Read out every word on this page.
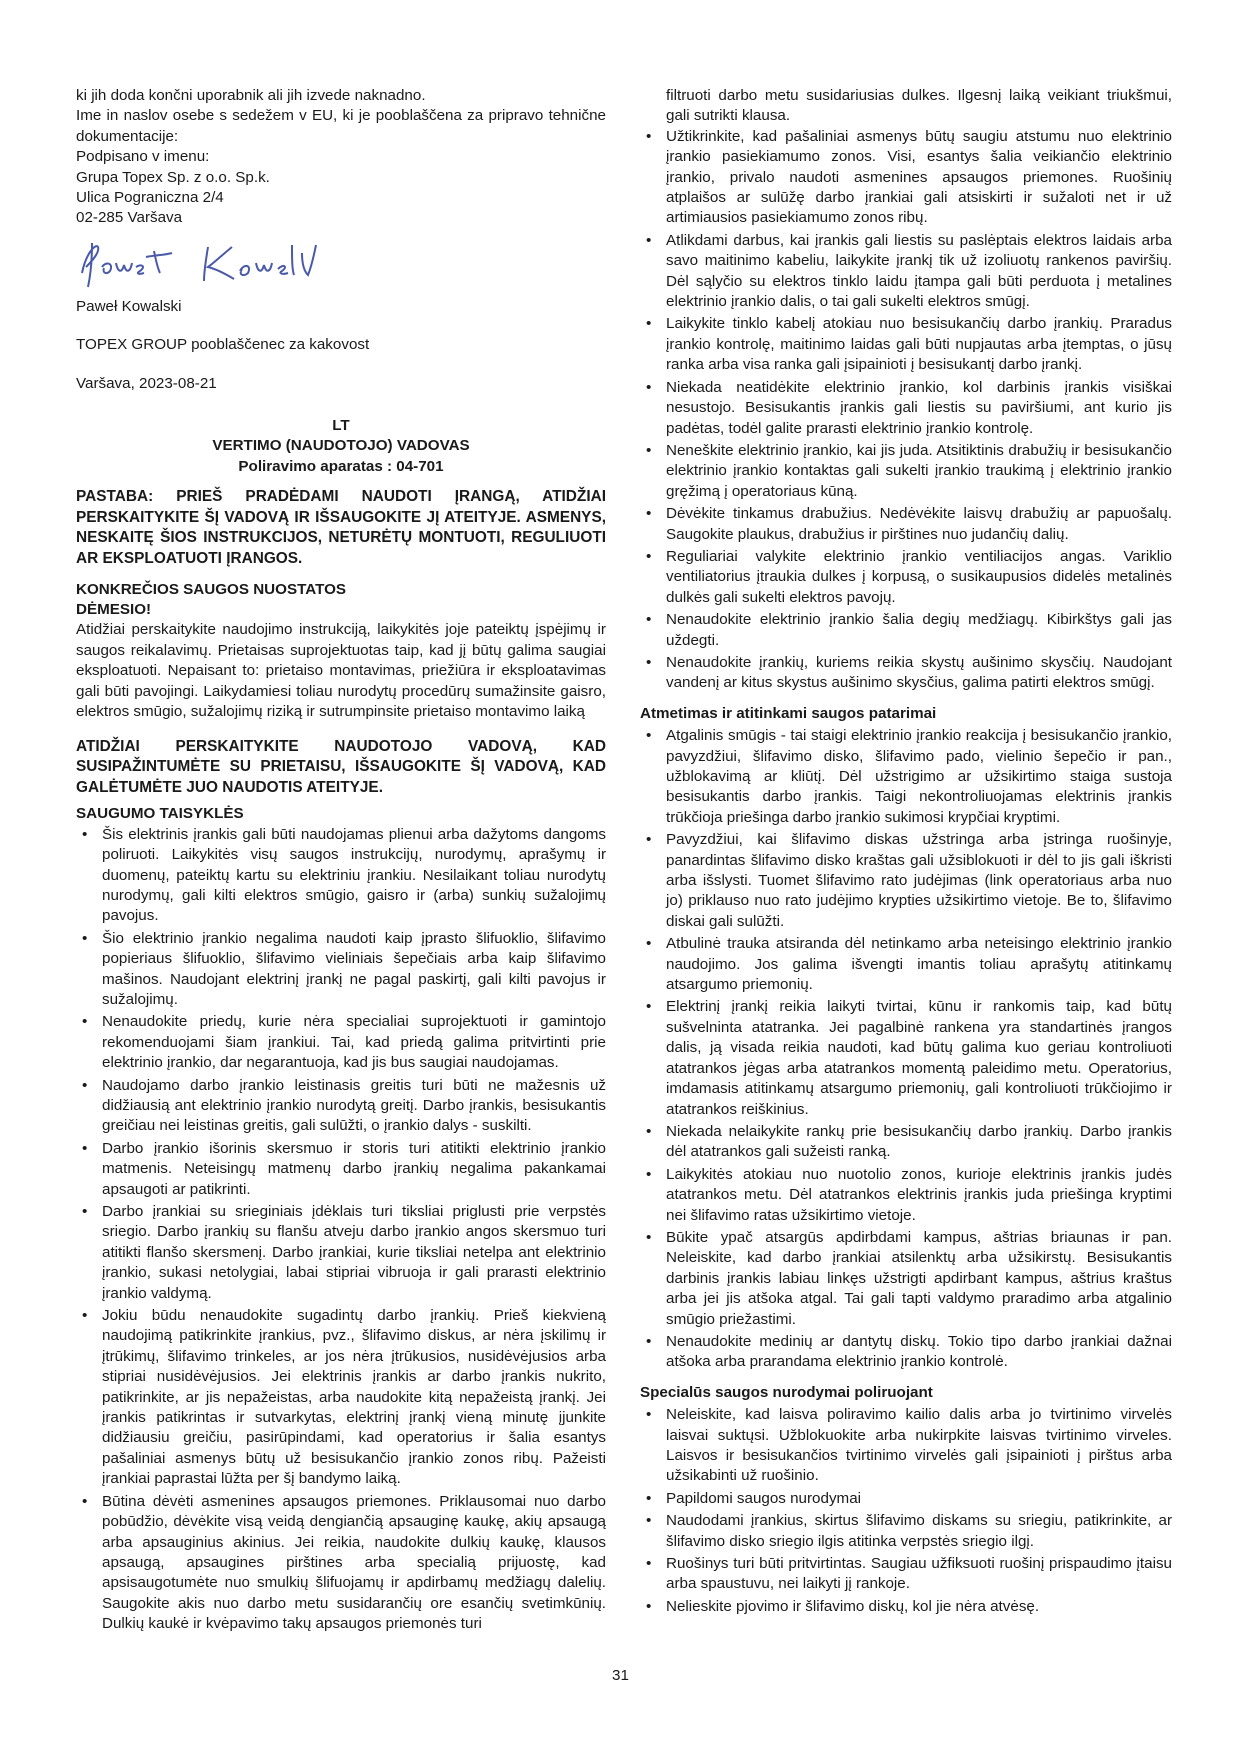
ki jih doda končni uporabnik ali jih izvede naknadno.

Ime in naslov osebe s sedežem v EU, ki je pooblaščena za pripravo tehnične dokumentacije:

Podpisano v imenu:

Grupa Topex Sp. z o.o. Sp.k.

Ulica Pograniczna 2/4

02-285 Varšava

Paweł Kowalski

TOPEX GROUP pooblaščenec za kakovost

Varšava, 2023-08-21

LT

VERTIMO (NAUDOTOJO) VADOVAS

Poliravimo aparatas : 04-701

PASTABA: PRIEŠ PRADĖDAMI NAUDOTI ĮRANGĄ, ATIDŽIAI PERSKAITYKITE ŠĮ VADOVĄ IR IŠSAUGOKITE JĮ ATEITYJE. ASMENYS, NESKAITĘ ŠIOS INSTRUKCIJOS, NETURĖTŲ MONTUOTI, REGULIUOTI AR EKSPLOATUOTI ĮRANGOS.

KONKREČIOS SAUGOS NUOSTATOS

DĖMESIO!

Atidžiai perskaitykite naudojimo instrukciją, laikykitės joje pateiktų įspėjimų ir saugos reikalavimų. Prietaisas suprojektuotas taip, kad jį būtų galima saugiai eksploatuoti. Nepaisant to: prietaiso montavimas, priežiūra ir eksploatavimas gali būti pavojingi. Laikydamiesi toliau nurodytų procedūrų sumažinsite gaisro, elektros smūgio, sužalojimų riziką ir sutrumpinsite prietaiso montavimo laiką

ATIDŽIAI PERSKAITYKITE NAUDOTOJO VADOVĄ, KAD SUSIPAŽINTUMĖTE SU PRIETAISU, IŠSAUGOKITE ŠĮ VADOVĄ, KAD GALĖTUMĖTE JUO NAUDOTIS ATEITYJE.

SAUGUMO TAISYKLĖS

• Šis elektrinis įrankis gali būti naudojamas plienui arba dažytoms dangoms poliruoti. Laikykitės visų saugos instrukcijų, nurodymų, aprašymų ir duomenų, pateiktų kartu su elektriniu įrankiu. Nesilaikant toliau nurodytų nurodymų, gali kilti elektros smūgio, gaisro ir (arba) sunkių sužalojimų pavojus.
• Šio elektrinio įrankio negalima naudoti kaip įprasto šlifuoklio, šlifavimo popieriaus šlifuoklio, šlifavimo vieliniais šepečiais arba kaip šlifavimo mašinos. Naudojant elektrinį įrankį ne pagal paskirtį, gali kilti pavojus ir sužalojimų.
• Nenaudokite priedų, kurie nėra specialiai suprojektuoti ir gamintojo rekomenduojami šiam įrankiui. Tai, kad priedą galima pritvirtinti prie elektrinio įrankio, dar negarantuoja, kad jis bus saugiai naudojamas.
• Naudojamo darbo įrankio leistinasis greitis turi būti ne mažesnis už didžiausią ant elektrinio įrankio nurodytą greitį. Darbo įrankis, besisukantis greičiau nei leistinas greitis, gali sulūžti, o įrankio dalys - suskilti.
• Darbo įrankio išorinis skersmuo ir storis turi atitikti elektrinio įrankio matmenis. Neteisingų matmenų darbo įrankių negalima pakankamai apsaugoti ar patikrinti.
• Darbo įrankiai su srieginiais įdėklais turi tiksliai priglusti prie verpstės sriegio. Darbo įrankių su flanšu atveju darbo įrankio angos skersmuo turi atitikti flanšo skersmenį. Darbo įrankiai, kurie tiksliai netelpa ant elektrinio įrankio, sukasi netolygiai, labai stipriai vibruoja ir gali prarasti elektrinio įrankio valdymą.
• Jokiu būdu nenaudokite sugadintų darbo įrankių. Prieš kiekvieną naudojimą patikrinkite įrankius, pvz., šlifavimo diskus, ar nėra įskilimų ir įtrūkimų, šlifavimo trinkeles, ar jos nėra įtrūkusios, nusidėvėjusios arba stipriai nusidėvėjusios. Jei elektrinis įrankis ar darbo įrankis nukrito, patikrinkite, ar jis nepažeistas, arba naudokite kitą nepažeistą įrankį. Jei įrankis patikrintas ir sutvarkytas, elektrinį įrankį vieną minutę įjunkite didžiausiu greičiu, pasirūpindami, kad operatorius ir šalia esantys pašaliniai asmenys būtų už besisukančio įrankio zonos ribų. Pažeisti įrankiai paprastai lūžta per šį bandymo laiką.
• Būtina dėvėti asmenines apsaugos priemones. Priklausomai nuo darbo pobūdžio, dėvėkite visą veidą dengiančią apsauginę kaukę, akių apsaugą arba apsauginius akinius. Jei reikia, naudokite dulkių kaukę, klausos apsaugą, apsaugines pirštines arba specialią prijuostę, kad apsisaugotumėte nuo smulkių šlifuojamų ir apdirbamų medžiagų dalelių. Saugokite akis nuo darbo metu susidarančių ore esančių svetimkūnių. Dulkių kaukė ir kvėpavimo takų apsaugos priemonės turi

filtruoti darbo metu susidariusias dulkes. Ilgesnį laiką veikiant triukšmui, gali sutrikti klausa.

• Užtikrinkite, kad pašaliniai asmenys būtų saugiu atstumu nuo elektrinio įrankio pasiekiamumo zonos. Visi, esantys šalia veikiančio elektrinio įrankio, privalo naudoti asmenines apsaugos priemones. Ruošinių atplaišos ar sulūžę darbo įrankiai gali atsiskirti ir sužaloti net ir už artimiausios pasiekiamumo zonos ribų.
• Atlikdami darbus, kai įrankis gali liestis su paslėptais elektros laidais arba savo maitinimo kabeliu, laikykite įrankį tik už izoliuotų rankenos paviršių. Dėl sąlyčio su elektros tinklo laidu įtampa gali būti perduota į metalines elektrinio įrankio dalis, o tai gali sukelti elektros smūgį.
• Laikykite tinklo kabelį atokiau nuo besisukančių darbo įrankių. Praradus įrankio kontrolę, maitinimo laidas gali būti nupjautas arba įtemptas, o jūsų ranka arba visa ranka gali įsipainioti į besisukantį darbo įrankį.
• Niekada neatidėkite elektrinio įrankio, kol darbinis įrankis visiškai nesustojo. Besisukantis įrankis gali liestis su paviršiumi, ant kurio jis padėtas, todėl galite prarasti elektrinio įrankio kontrolę.
• Neneškite elektrinio įrankio, kai jis juda. Atsitiktinis drabužių ir besisukančio elektrinio įrankio kontaktas gali sukelti įrankio traukimą į elektrinio įrankio gręžimą į operatoriaus kūną.
• Dėvėkite tinkamus drabužius. Nedėvėkite laisvų drabužių ar papuošalų. Saugokite plaukus, drabužius ir pirštines nuo judančių dalių.
• Reguliariai valykite elektrinio įrankio ventiliacijos angas. Variklio ventiliatorius įtraukia dulkes į korpusą, o susikaupusios didelės metalinės dulkės gali sukelti elektros pavojų.
• Nenaudokite elektrinio įrankio šalia degių medžiagų. Kibirkštys gali jas uždegti.
• Nenaudokite įrankių, kuriems reikia skystų aušinimo skysčių. Naudojant vandenį ar kitus skystus aušinimo skysčius, galima patirti elektros smūgį.

Atmetimas ir atitinkami saugos patarimai

• Atgalinis smūgis - tai staigi elektrinio įrankio reakcija į besisukančio įrankio, pavyzdžiui, šlifavimo disko, šlifavimo pado, vielinio šepečio ir pan., užblokavimą ar kliūtį. Dėl užstrigimo ar užsikirtimo staiga sustoja besisukantis darbo įrankis. Taigi nekontroliuojamas elektrinis įrankis trūkčioja priešinga darbo įrankio sukimosi krypčiai kryptimi.
• Pavyzdžiui, kai šlifavimo diskas užstringa arba įstringa ruošinyje, panardintas šlifavimo disko kraštas gali užsiblokuoti ir dėl to jis gali iškristi arba išslysti. Tuomet šlifavimo rato judėjimas (link operatoriaus arba nuo jo) priklauso nuo rato judėjimo krypties užsikirtimo vietoje. Be to, šlifavimo diskai gali sulūžti.
• Atbulinė trauka atsiranda dėl netinkamo arba neteisingo elektrinio įrankio naudojimo. Jos galima išvengti imantis toliau aprašytų atitinkamų atsargumo priemonių.
• Elektrinį įrankį reikia laikyti tvirtai, kūnu ir rankomis taip, kad būtų sušvelninta atatranka. Jei pagalbinė rankena yra standartinės įrangos dalis, ją visada reikia naudoti, kad būtų galima kuo geriau kontroliuoti atatrankos jėgas arba atatrankos momentą paleidimo metu. Operatorius, imdamasis atitinkamų atsargumo priemonių, gali kontroliuoti trūkčiojimo ir atatrankos reiškinius.
• Niekada nelaikykite rankų prie besisukančių darbo įrankių. Darbo įrankis dėl atatrankos gali sužeisti ranką.
• Laikykitės atokiau nuo nuotolio zonos, kurioje elektrinis įrankis judės atatrankos metu. Dėl atatrankos elektrinis įrankis juda priešinga kryptimi nei šlifavimo ratas užsikirtimo vietoje.
• Būkite ypač atsargūs apdirbdami kampus, aštrias briaunas ir pan. Neleiskite, kad darbo įrankiai atsilenktų arba užsikirstų. Besisukantis darbinis įrankis labiau linkęs užstrigti apdirbant kampus, aštrius kraštus arba jei jis atšoka atgal. Tai gali tapti valdymo praradimo arba atgalinio smūgio priežastimi.
• Nenaudokite medinių ar dantytų diskų. Tokio tipo darbo įrankiai dažnai atšoka arba prarandama elektrinio įrankio kontrolė.

Specialūs saugos nurodymai poliruojant

• Neleiskite, kad laisva poliravimo kailio dalis arba jo tvirtinimo virvelės laisvai suktųsi. Užblokuokite arba nukirpkite laisvas tvirtinimo virveles. Laisvos ir besisukančios tvirtinimo virvelės gali įsipainioti į pirštus arba užsikabinti už ruošinio.
• Papildomi saugos nurodymai
• Naudodami įrankius, skirtus šlifavimo diskams su sriegiu, patikrinkite, ar šlifavimo disko sriegio ilgis atitinka verpstės sriegio ilgį.
• Ruošinys turi būti pritvirtintas. Saugiau užfiksuoti ruošinį prispaudimo įtaisu arba spaustuvu, nei laikyti jį rankoje.
• Nelieskite pjovimo ir šlifavimo diskų, kol jie nėra atvėsę.
31
